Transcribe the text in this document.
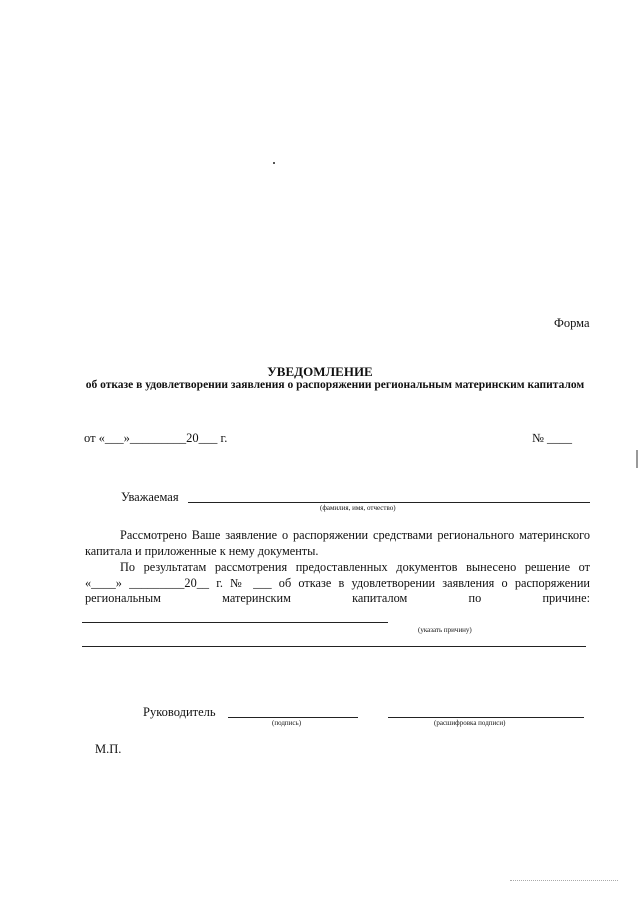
Форма
УВЕДОМЛЕНИЕ
об отказе в удовлетворении заявления о распоряжении региональным материнским капиталом
от «___»_________20___ г.	№ ____
Уважаемая
(фамилия, имя, отчество)
Рассмотрено Ваше заявление о распоряжении средствами регионального материнского капитала и приложенные к нему документы.
По результатам рассмотрения предоставленных документов вынесено решение от «____» _________20__ г. № ___ об отказе в удовлетворении заявления о распоряжении региональным материнским капиталом по причине:
(указать причину)
Руководитель
(подпись)	(расшифровка подписи)
М.П.
